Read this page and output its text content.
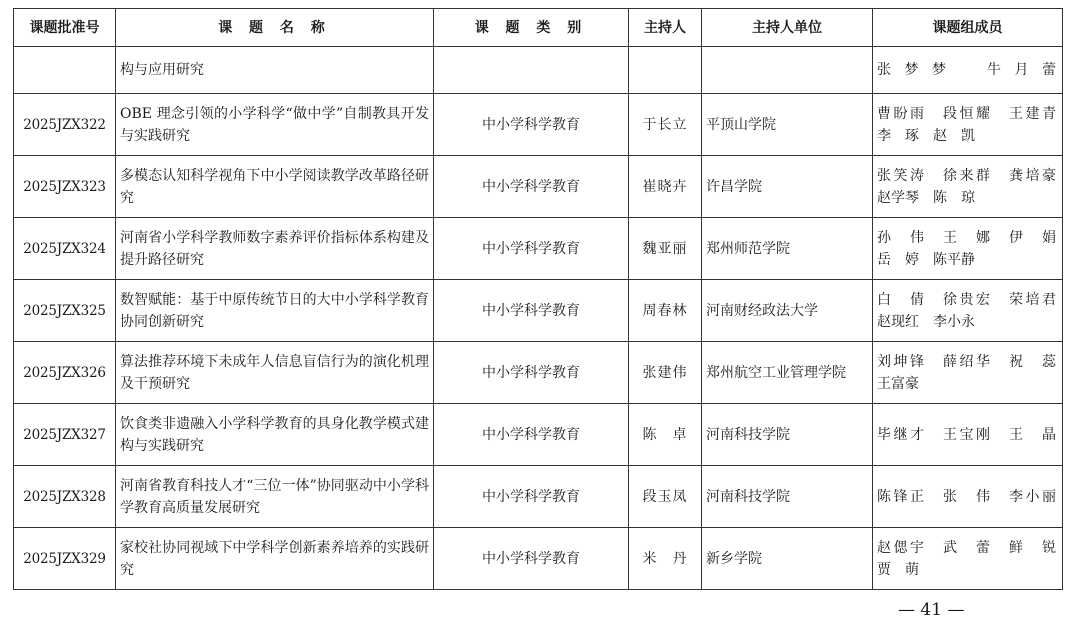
课题批准号	课 题 名 称	课 题 类 别	主持人	主持人单位	课题组成员
	构与应用研究				张梦梦　牛月蕾

2025JZX322	OBE 理念引领的小学科学“做中学”自制教具开发与实践研究	中小学科学教育	于长立	平顶山学院	曹盼雨　段恒耀　王建青
李　琢　赵　凯

2025JZX323	多模态认知科学视角下中小学阅读教学改革路径研究	中小学科学教育	崔晓卉	许昌学院	张笑涛　徐来群　龚培豪
赵学琴　陈　琼

2025JZX324	河南省小学科学教师数字素养评价指标体系构建及提升路径研究	中小学科学教育	魏亚丽	郑州师范学院	孙　伟　王　娜　伊　娟
岳　婷　陈平静

2025JZX325	数智赋能：基于中原传统节日的大中小学科学教育协同创新研究	中小学科学教育	周春林	河南财经政法大学	白　倩　徐贵宏　荣培君
赵现红　李小永

2025JZX326	算法推荐环境下未成年人信息盲信行为的演化机理及干预研究	中小学科学教育	张建伟	郑州航空工业管理学院	刘坤锋　薛绍华　祝　蕊
王富豪

2025JZX327	饮食类非遗融入小学科学教育的具身化教学模式建构与实践研究	中小学科学教育	陈　卓	河南科技学院	毕继才　王宝刚　王　晶

2025JZX328	河南省教育科技人才“三位一体”协同驱动中小学科学教育高质量发展研究	中小学科学教育	段玉凤	河南科技学院	陈锋正　张　伟　李小丽

2025JZX329	家校社协同视域下中学科学创新素养培养的实践研究	中小学科学教育	米　丹	新乡学院	赵偲宇　武　蕾　鲜　锐
贾　萌
— 41 —
